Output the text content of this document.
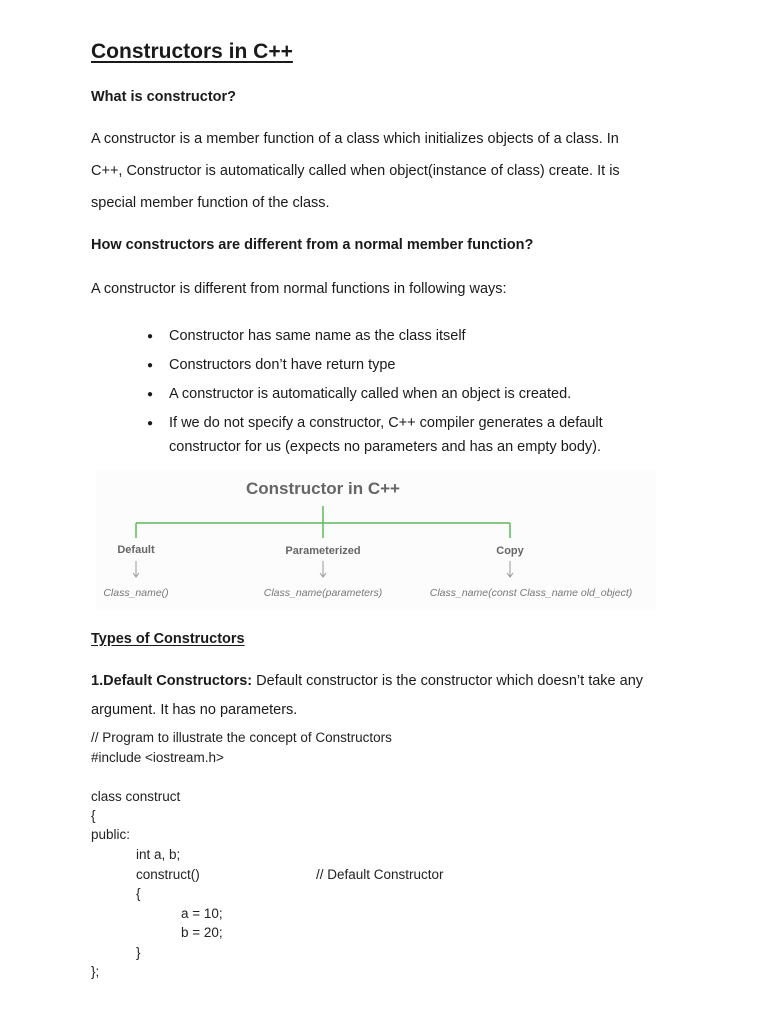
Constructors in C++
What is constructor?
A constructor is a member function of a class which initializes objects of a class. In
C++, Constructor is automatically called when object(instance of class) create. It is
special member function of the class.
How constructors are different from a normal member function?
A constructor is different from normal functions in following ways:
● Constructor has same name as the class itself
● Constructors don’t have return type
● A constructor is automatically called when an object is created.
● If we do not specify a constructor, C++ compiler generates a default
constructor for us (expects no parameters and has an empty body).
Constructor in C++
Default	Parameterized	Copy
Class_name()	Class_name(parameters)	Class_name(const Class_name old_object)
Types of Constructors
1.Default Constructors: Default constructor is the constructor which doesn’t take any
argument. It has no parameters.
// Program to illustrate the concept of Constructors
#include <iostream.h>
class construct
{
public:
int a, b;
construct()	// Default Constructor
{
a = 10;
b = 20;
}
};
